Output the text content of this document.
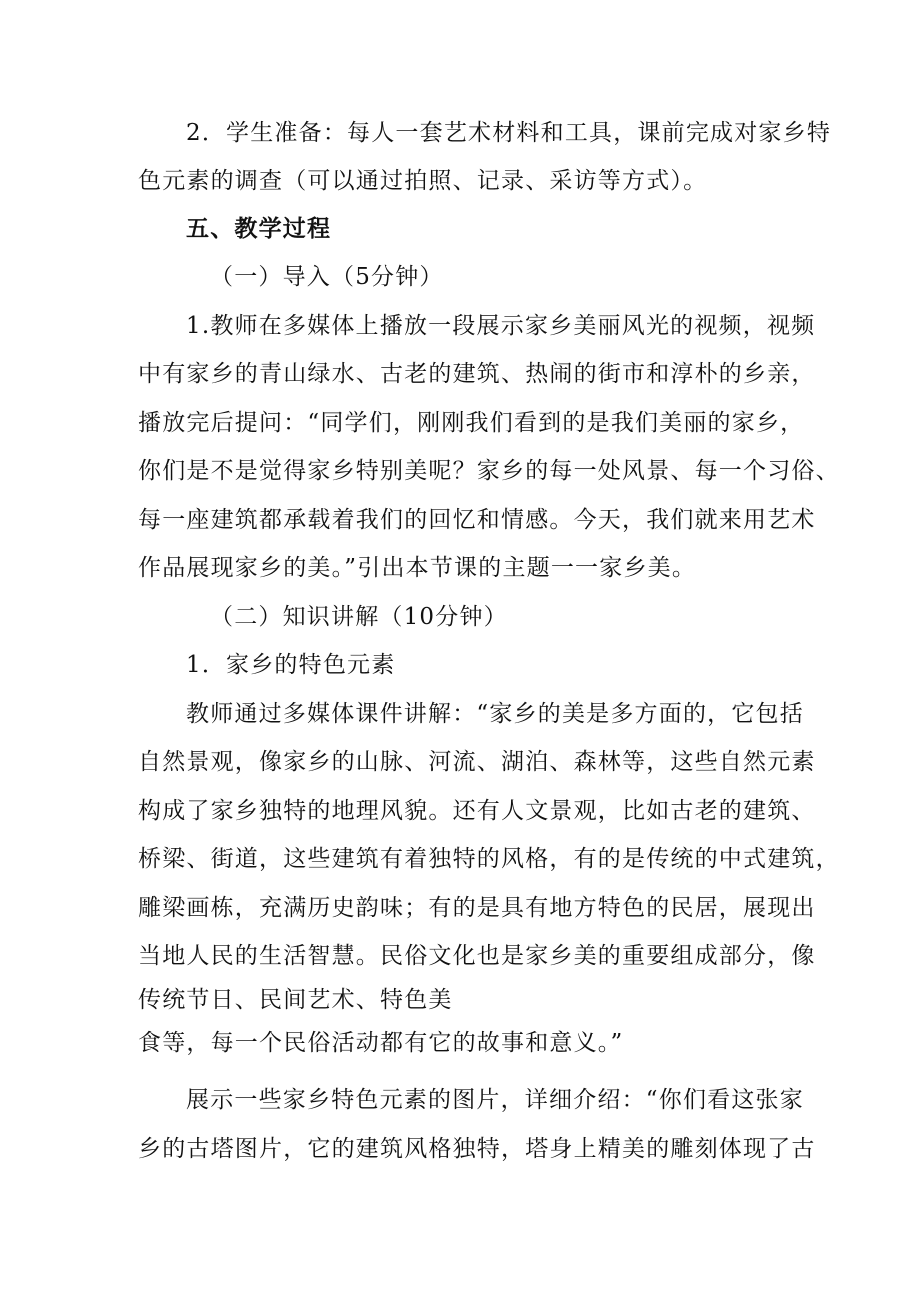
2．学生准备：每人一套艺术材料和工具，课前完成对家乡特
色元素的调查（可以通过拍照、记录、采访等方式）。
五、教学过程
（一）导入（5分钟）
1.教师在多媒体上播放一段展示家乡美丽风光的视频，视频
中有家乡的青山绿水、古老的建筑、热闹的街市和淳朴的乡亲，
播放完后提问：“同学们，刚刚我们看到的是我们美丽的家乡，
你们是不是觉得家乡特别美呢？家乡的每一处风景、每一个习俗、
每一座建筑都承载着我们的回忆和情感。今天，我们就来用艺术
作品展现家乡的美。”引出本节课的主题一一家乡美。
（二）知识讲解（10分钟）
1．家乡的特色元素
教师通过多媒体课件讲解：“家乡的美是多方面的，它包括
自然景观，像家乡的山脉、河流、湖泊、森林等，这些自然元素
构成了家乡独特的地理风貌。还有人文景观，比如古老的建筑、
桥梁、街道，这些建筑有着独特的风格，有的是传统的中式建筑，
雕梁画栋，充满历史韵味；有的是具有地方特色的民居，展现出
当地人民的生活智慧。民俗文化也是家乡美的重要组成部分，像
传统节日、民间艺术、特色美
食等，每一个民俗活动都有它的故事和意义。”
展示一些家乡特色元素的图片，详细介绍：“你们看这张家
乡的古塔图片，它的建筑风格独特，塔身上精美的雕刻体现了古
